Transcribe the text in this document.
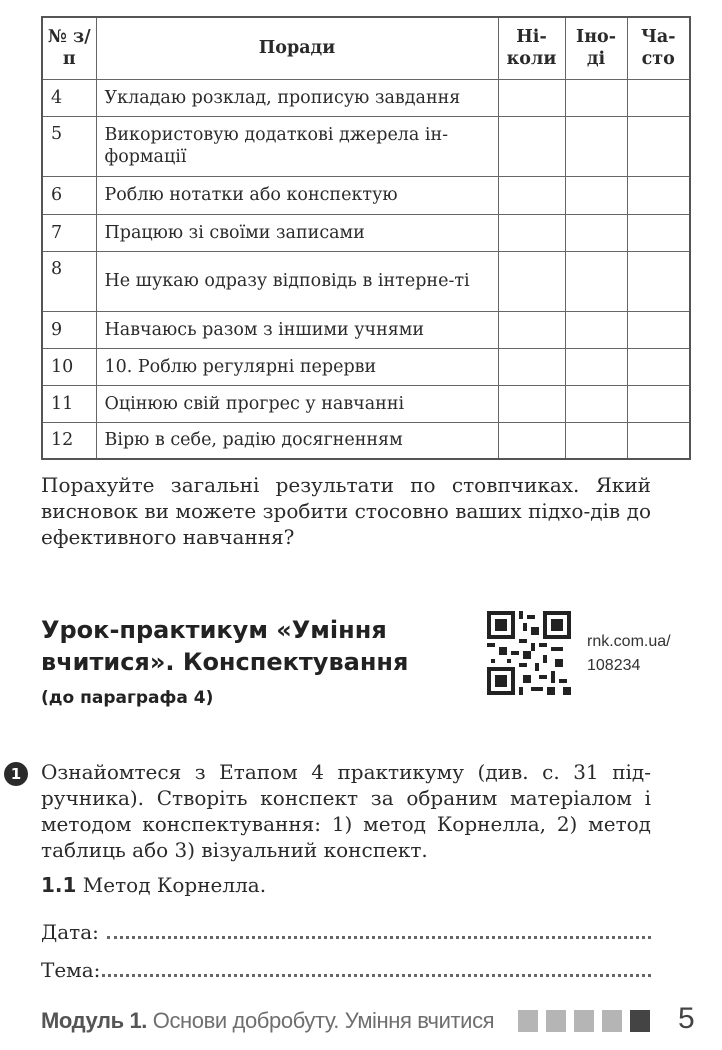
№ з/п	Поради	Ні-коли	Іно-ді	Ча-сто
4	Укладаю розклад, прописую завдання			
5	Використовую додаткові джерела ін-формації			
6	Роблю нотатки або конспектую			
7	Працюю зі своїми записами			
8	Не шукаю одразу відповідь в інтерне-ті			
9	Навчаюсь разом з іншими учнями			
10	10. Роблю регулярні перерви			
11	Оцінюю свій прогрес у навчанні			
12	Вірю в себе, радію досягненням			
Порахуйте загальні результати по стовпчиках. Який висновок ви можете зробити стосовно ваших підхо-дів до ефективного навчання?
Урок-практикум «Уміння вчитися». Конспектування
(до параграфа 4)
rnk.com.ua/
108234
1 Ознайомтеся з Етапом 4 практикуму (див. с. 31 під-ручника). Створіть конспект за обраним матеріалом і методом конспектування: 1) метод Корнелла, 2) метод таблиць або 3) візуальний конспект.
1.1 Метод Корнелла.
Дата:
Тема:
Модуль 1. Основи добробуту. Уміння вчитися	5
